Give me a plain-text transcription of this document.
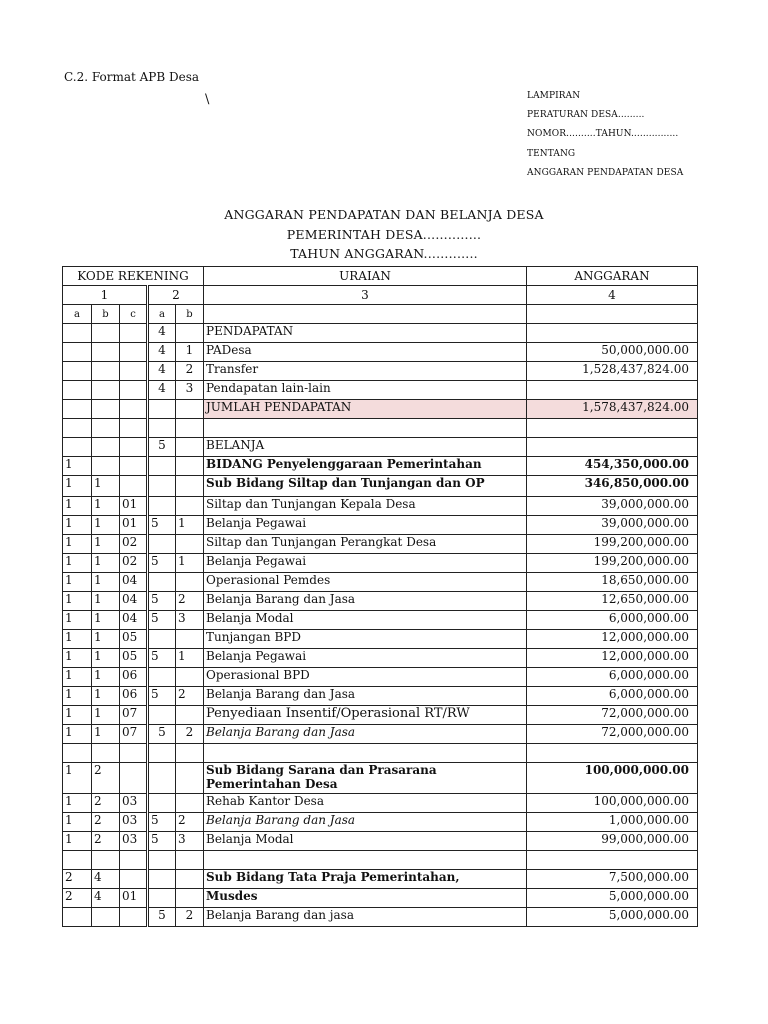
C.2. Format APB Desa
\	LAMPIRAN
PERATURAN DESA.........
NOMOR..........TAHUN................
TENTANG
ANGGARAN PENDAPATAN DESA
ANGGARAN PENDAPATAN DAN BELANJA DESA
PEMERINTAH DESA..............
TAHUN ANGGARAN.............
KODE REKENING					URAIAN	ANGGARAN
1			2		3	4
a	b	c	a	b		
			4		PENDAPATAN	
			4	1	PADesa	50,000,000.00
			4	2	Transfer	1,528,437,824.00
			4	3	Pendapatan lain-lain	
					JUMLAH PENDAPATAN	1,578,437,824.00

			5		BELANJA	
1					BIDANG Penyelenggaraan Pemerintahan	454,350,000.00
1	1				Sub Bidang Siltap dan Tunjangan dan OP	346,850,000.00
1	1	01			Siltap dan Tunjangan Kepala Desa	39,000,000.00
1	1	01	5	1	Belanja Pegawai	39,000,000.00
1	1	02			Siltap dan Tunjangan Perangkat Desa	199,200,000.00
1	1	02	5	1	Belanja Pegawai	199,200,000.00
1	1	04			Operasional Pemdes	18,650,000.00
1	1	04	5	2	Belanja Barang dan Jasa	12,650,000.00
1	1	04	5	3	Belanja Modal	6,000,000.00
1	1	05			Tunjangan BPD	12,000,000.00
1	1	05	5	1	Belanja Pegawai	12,000,000.00
1	1	06			Operasional BPD	6,000,000.00
1	1	06	5	2	Belanja Barang dan Jasa	6,000,000.00
1	1	07			Penyediaan Insentif/Operasional RT/RW	72,000,000.00
1	1	07	5	2	Belanja Barang dan Jasa	72,000,000.00

1	2				Sub Bidang Sarana dan Prasarana Pemerintahan Desa	100,000,000.00
1	2	03			Rehab Kantor Desa	100,000,000.00
1	2	03	5	2	Belanja Barang dan Jasa	1,000,000.00
1	2	03	5	3	Belanja Modal	99,000,000.00

2	4				Sub Bidang Tata Praja Pemerintahan,	7,500,000.00
2	4	01			Musdes	5,000,000.00
			5	2	Belanja Barang dan jasa	5,000,000.00
